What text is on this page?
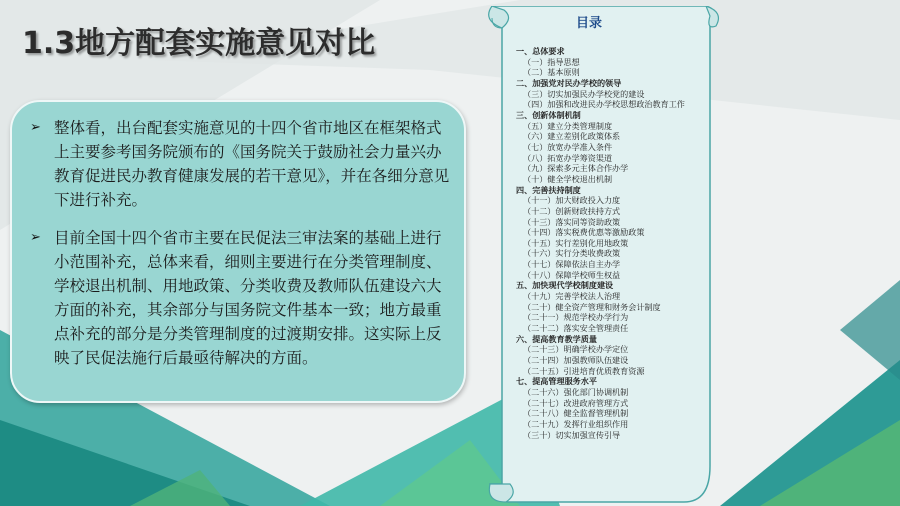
1.3地方配套实施意见对比
➢ 整体看，出台配套实施意见的十四个省市地区在框架格式上主要参考国务院颁布的《国务院关于鼓励社会力量兴办教育促进民办教育健康发展的若干意见》，并在各细分意见下进行补充。
➢ 目前全国十四个省市主要在民促法三审法案的基础上进行小范围补充，总体来看，细则主要进行在分类管理制度、学校退出机制、用地政策、分类收费及教师队伍建设六大方面的补充，其余部分与国务院文件基本一致；地方最重点补充的部分是分类管理制度的过渡期安排。这实际上反映了民促法施行后最亟待解决的方面。
目录
一、总体要求
（一）指导思想
（二）基本原则
二、加强党对民办学校的领导
（三）切实加强民办学校党的建设
（四）加强和改进民办学校思想政治教育工作
三、创新体制机制
（五）建立分类管理制度
（六）建立差别化政策体系
（七）放宽办学准入条件
（八）拓宽办学筹资渠道
（九）探索多元主体合作办学
（十）健全学校退出机制
四、完善扶持制度
（十一）加大财政投入力度
（十二）创新财政扶持方式
（十三）落实同等资助政策
（十四）落实税费优惠等激励政策
（十五）实行差别化用地政策
（十六）实行分类收费政策
（十七）保障依法自主办学
（十八）保障学校师生权益
五、加快现代学校制度建设
（十九）完善学校法人治理
（二十）健全资产管理和财务会计制度
（二十一）规范学校办学行为
（二十二）落实安全管理责任
六、提高教育教学质量
（二十三）明确学校办学定位
（二十四）加强教师队伍建设
（二十五）引进培育优质教育资源
七、提高管理服务水平
（二十六）强化部门协调机制
（二十七）改进政府管理方式
（二十八）健全监督管理机制
（二十九）发挥行业组织作用
（三十）切实加强宣传引导
